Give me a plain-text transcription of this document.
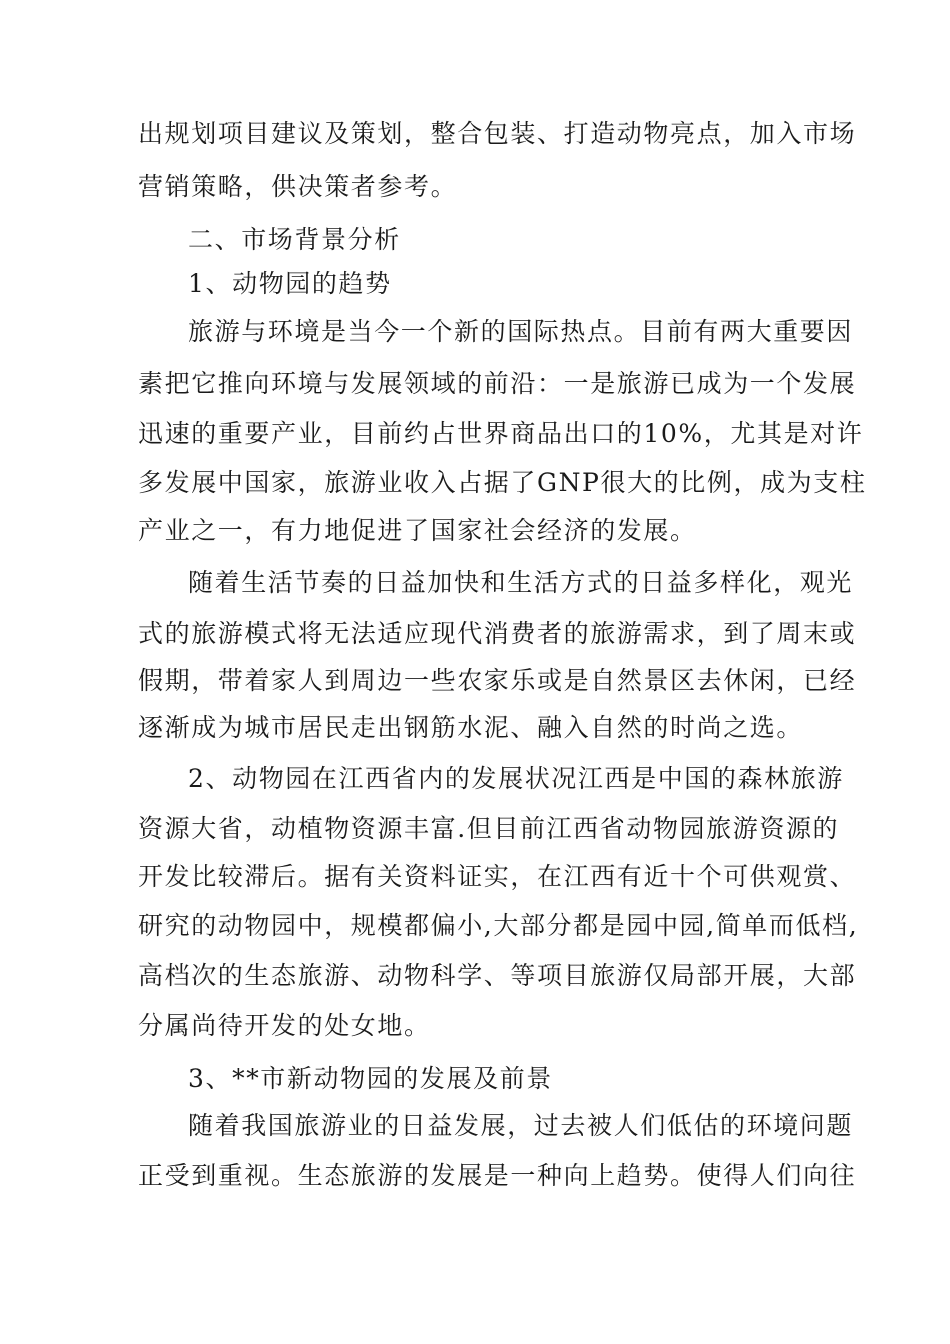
出规划项目建议及策划，整合包装、打造动物亮点，加入市场
营销策略，供决策者参考。
二、市场背景分析
1、动物园的趋势
旅游与环境是当今一个新的国际热点。目前有两大重要因
素把它推向环境与发展领域的前沿：一是旅游已成为一个发展
迅速的重要产业，目前约占世界商品出口的10%，尤其是对许
多发展中国家，旅游业收入占据了GNP很大的比例，成为支柱
产业之一，有力地促进了国家社会经济的发展。
随着生活节奏的日益加快和生活方式的日益多样化，观光
式的旅游模式将无法适应现代消费者的旅游需求，到了周末或
假期，带着家人到周边一些农家乐或是自然景区去休闲，已经
逐渐成为城市居民走出钢筋水泥、融入自然的时尚之选。
2、动物园在江西省内的发展状况江西是中国的森林旅游
资源大省，动植物资源丰富.但目前江西省动物园旅游资源的
开发比较滞后。据有关资料证实，在江西有近十个可供观赏、
研究的动物园中，规模都偏小,大部分都是园中园,简单而低档,
高档次的生态旅游、动物科学、等项目旅游仅局部开展，大部
分属尚待开发的处女地。
3、**市新动物园的发展及前景
随着我国旅游业的日益发展，过去被人们低估的环境问题
正受到重视。生态旅游的发展是一种向上趋势。使得人们向往
